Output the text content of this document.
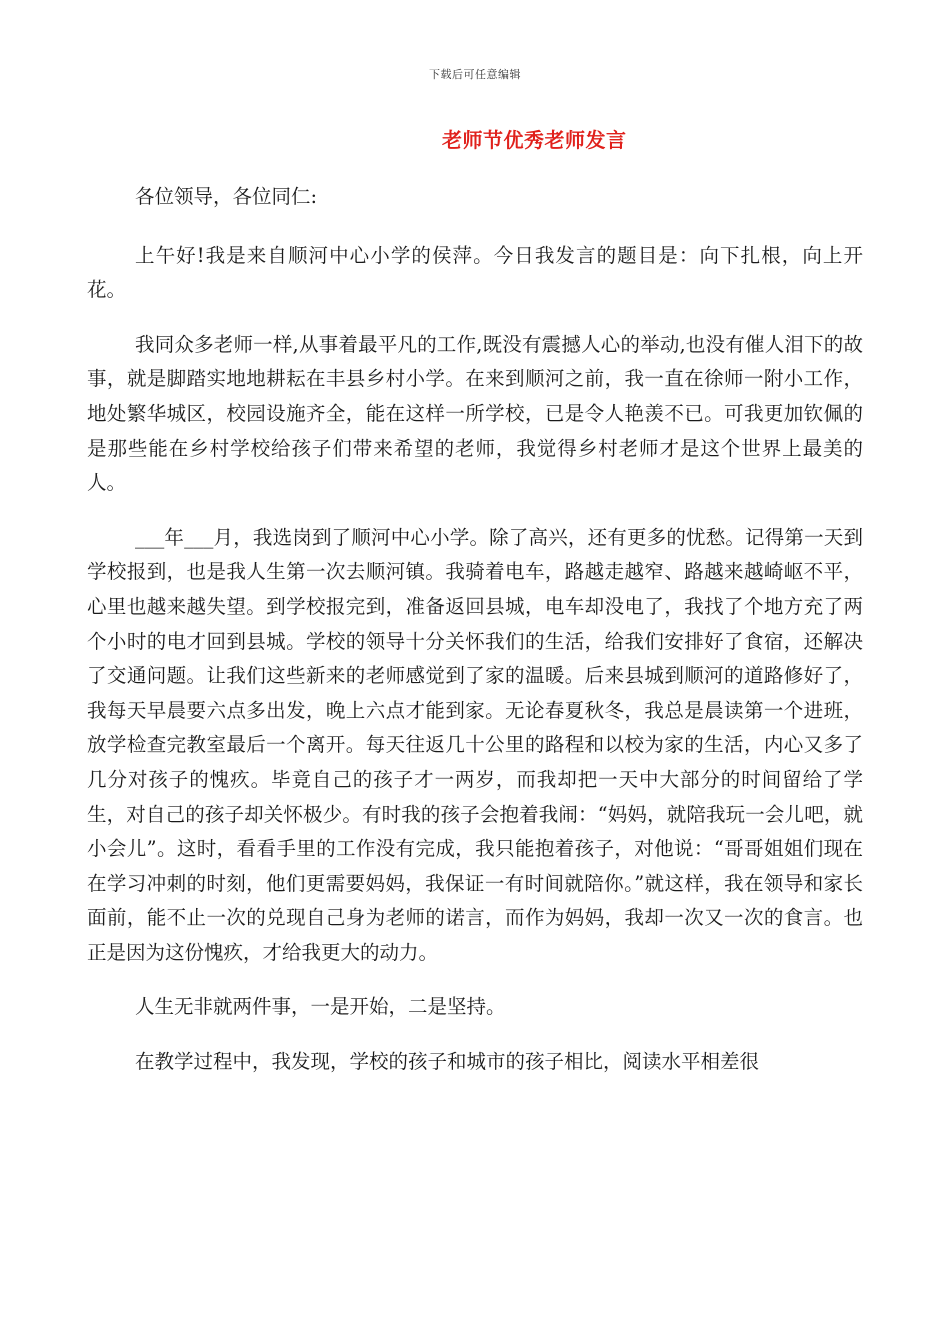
下载后可任意编辑
老师节优秀老师发言

各位领导，各位同仁:

上午好!我是来自顺河中心小学的侯萍。今日我发言的题目是：向下扎根，向上开花。

我同众多老师一样,从事着最平凡的工作,既没有震撼人心的举动,也没有催人泪下的故事，就是脚踏实地地耕耘在丰县乡村小学。在来到顺河之前，我一直在徐师一附小工作，地处繁华城区，校园设施齐全，能在这样一所学校，已是令人艳羡不已。可我更加钦佩的是那些能在乡村学校给孩子们带来希望的老师，我觉得乡村老师才是这个世界上最美的人。

___年___月，我选岗到了顺河中心小学。除了高兴，还有更多的忧愁。记得第一天到学校报到，也是我人生第一次去顺河镇。我骑着电车，路越走越窄、路越来越崎岖不平，心里也越来越失望。到学校报完到，准备返回县城，电车却没电了，我找了个地方充了两个小时的电才回到县城。学校的领导十分关怀我们的生活，给我们安排好了食宿，还解决了交通问题。让我们这些新来的老师感觉到了家的温暖。后来县城到顺河的道路修好了，我每天早晨要六点多出发，晚上六点才能到家。无论春夏秋冬，我总是晨读第一个进班，放学检查完教室最后一个离开。每天往返几十公里的路程和以校为家的生活，内心又多了几分对孩子的愧疚。毕竟自己的孩子才一两岁，而我却把一天中大部分的时间留给了学生，对自己的孩子却关怀极少。有时我的孩子会抱着我闹：“妈妈，就陪我玩一会儿吧，就小会儿”。这时，看看手里的工作没有完成，我只能抱着孩子，对他说：“哥哥姐姐们现在在学习冲刺的时刻，他们更需要妈妈，我保证一有时间就陪你。”就这样，我在领导和家长面前，能不止一次的兑现自己身为老师的诺言，而作为妈妈，我却一次又一次的食言。也正是因为这份愧疚，才给我更大的动力。

人生无非就两件事，一是开始，二是坚持。

在教学过程中，我发现，学校的孩子和城市的孩子相比，阅读水平相差很
